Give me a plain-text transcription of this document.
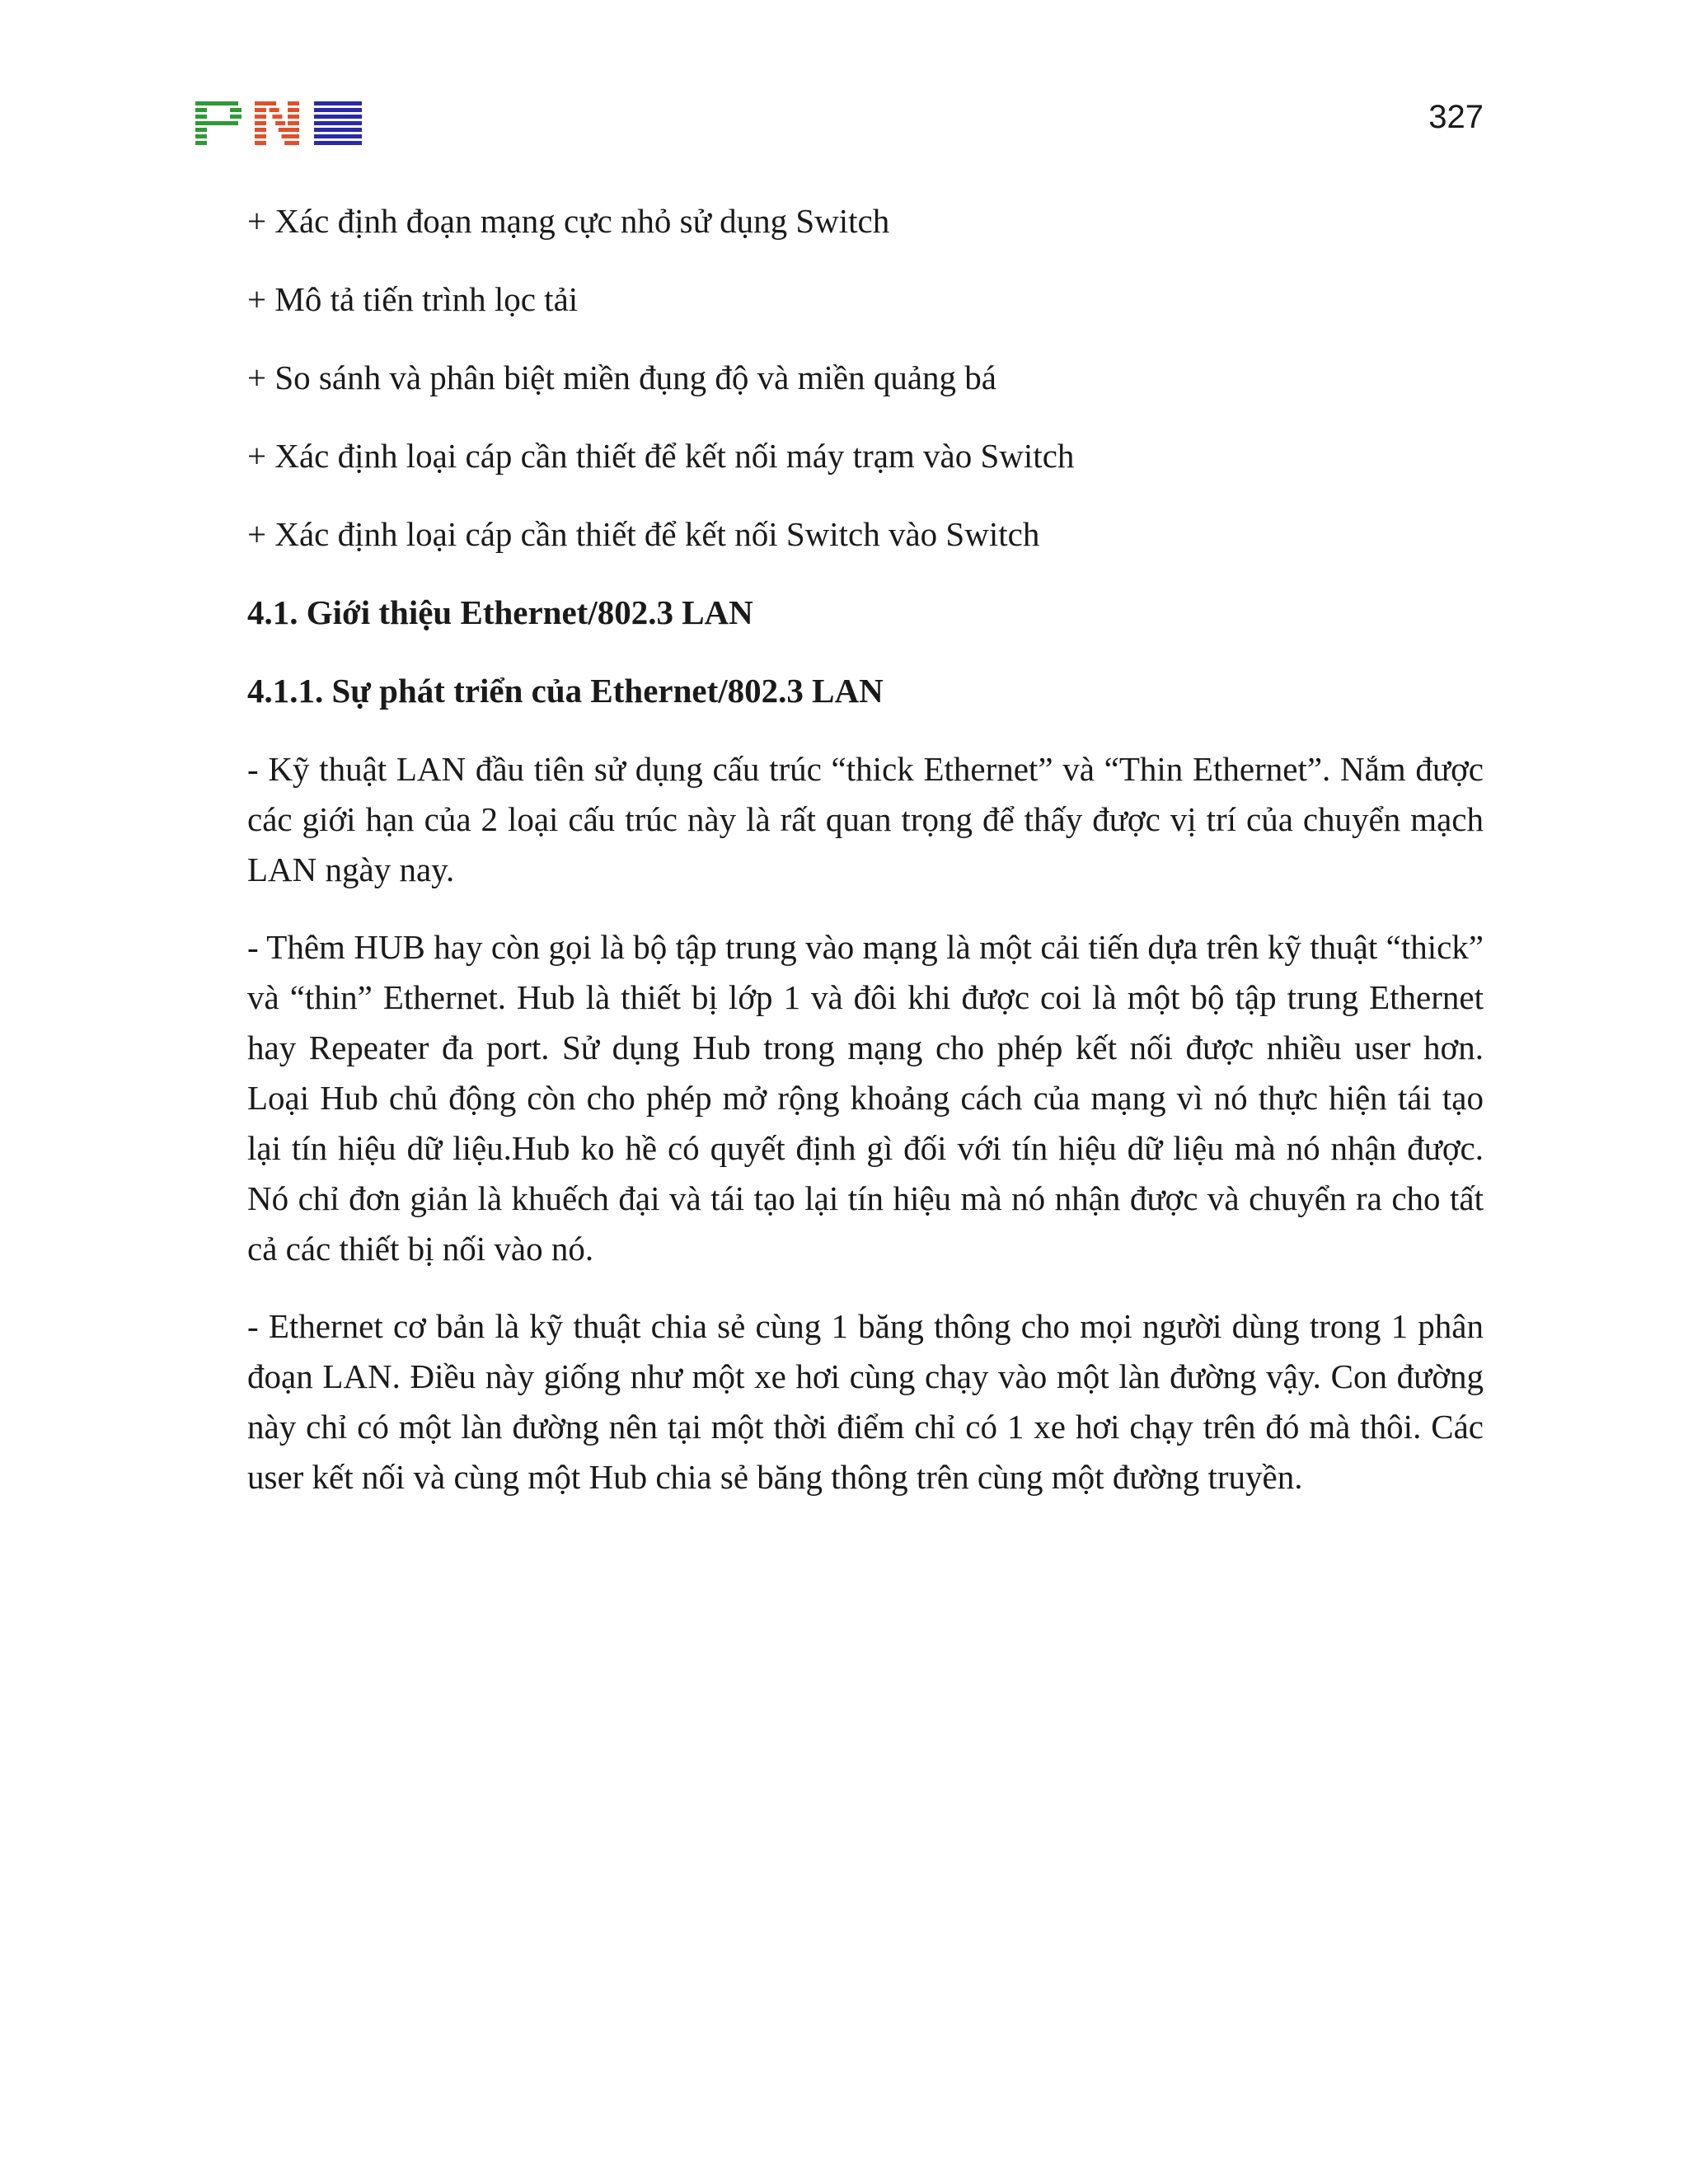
327

+ Xác định đoạn mạng cực nhỏ sử dụng Switch

+ Mô tả tiến trình lọc tải

+ So sánh và phân biệt miền đụng độ và miền quảng bá

+ Xác định loại cáp cần thiết để kết nối máy trạm vào Switch

+ Xác định loại cáp cần thiết để kết nối Switch vào Switch

4.1. Giới thiệu Ethernet/802.3 LAN
4.1.1. Sự phát triển của Ethernet/802.3 LAN

- Kỹ thuật LAN đầu tiên sử dụng cấu trúc “thick Ethernet” và “Thin Ethernet”. Nắm được các giới hạn của 2 loại cấu trúc này là rất quan trọng để thấy được vị trí của chuyển mạch LAN ngày nay.

- Thêm HUB hay còn gọi là bộ tập trung vào mạng là một cải tiến dựa trên kỹ thuật “thick” và “thin” Ethernet. Hub là thiết bị lớp 1 và đôi khi được coi là một bộ tập trung Ethernet hay Repeater đa port. Sử dụng Hub trong mạng cho phép kết nối được nhiều user hơn. Loại Hub chủ động còn cho phép mở rộng khoảng cách của mạng vì nó thực hiện tái tạo lại tín hiệu dữ liệu.Hub ko hề có quyết định gì đối với tín hiệu dữ liệu mà nó nhận được. Nó chỉ đơn giản là khuếch đại và tái tạo lại tín hiệu mà nó nhận được và chuyển ra cho tất cả các thiết bị nối vào nó.

- Ethernet cơ bản là kỹ thuật chia sẻ cùng 1 băng thông cho mọi người dùng trong 1 phân đoạn LAN. Điều này giống như một xe hơi cùng chạy vào một làn đường vậy. Con đường này chỉ có một làn đường nên tại một thời điểm chỉ có 1 xe hơi chạy trên đó mà thôi. Các user kết nối và cùng một Hub chia sẻ băng thông trên cùng một đường truyền.
